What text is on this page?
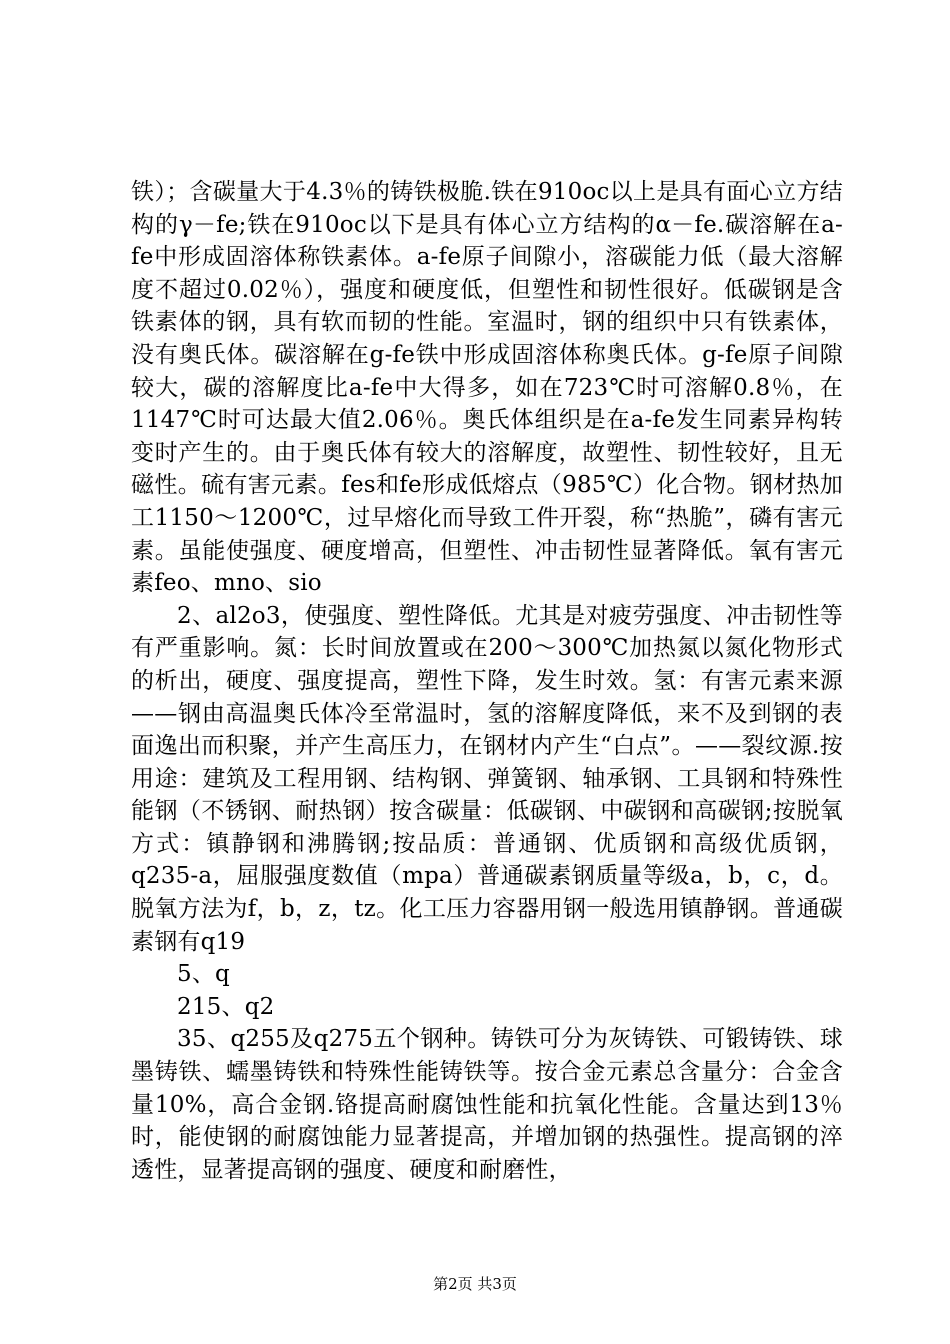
铁）；含碳量大于4.3％的铸铁极脆.铁在910oc以上是具有面心立方结构的γ－fe;铁在910oc以下是具有体心立方结构的α－fe.碳溶解在a-fe中形成固溶体称铁素体。a-fe原子间隙小，溶碳能力低（最大溶解度不超过0.02％），强度和硬度低，但塑性和韧性很好。低碳钢是含铁素体的钢，具有软而韧的性能。室温时，钢的组织中只有铁素体，没有奥氏体。碳溶解在g-fe铁中形成固溶体称奥氏体。g-fe原子间隙较大，碳的溶解度比a-fe中大得多，如在723℃时可溶解0.8％，在1147℃时可达最大值2.06％。奥氏体组织是在a-fe发生同素异构转变时产生的。由于奥氏体有较大的溶解度，故塑性、韧性较好，且无磁性。硫有害元素。fes和fe形成低熔点（985℃）化合物。钢材热加工1150～1200℃，过早熔化而导致工件开裂，称“热脆”，磷有害元素。虽能使强度、硬度增高，但塑性、冲击韧性显著降低。氧有害元素feo、mno、sio

2、al2o3，使强度、塑性降低。尤其是对疲劳强度、冲击韧性等有严重影响。氮：长时间放置或在200～300℃加热氮以氮化物形式的析出，硬度、强度提高，塑性下降，发生时效。氢：有害元素来源——钢由高温奥氏体冷至常温时，氢的溶解度降低，来不及到钢的表面逸出而积聚，并产生高压力，在钢材内产生“白点”。——裂纹源.按用途：建筑及工程用钢、结构钢、弹簧钢、轴承钢、工具钢和特殊性能钢（不锈钢、耐热钢）按含碳量：低碳钢、中碳钢和高碳钢;按脱氧方式：镇静钢和沸腾钢;按品质：普通钢、优质钢和高级优质钢，q235-a，屈服强度数值（mpa）普通碳素钢质量等级a，b，c，d。脱氧方法为f，b，z，tz。化工压力容器用钢一般选用镇静钢。普通碳素钢有q19

5、q

215、q2

35、q255及q275五个钢种。铸铁可分为灰铸铁、可锻铸铁、球墨铸铁、蠕墨铸铁和特殊性能铸铁等。按合金元素总含量分：合金含量10%，高合金钢.铬提高耐腐蚀性能和抗氧化性能。含量达到13％时，能使钢的耐腐蚀能力显著提高，并增加钢的热强性。提高钢的淬透性，显著提高钢的强度、硬度和耐磨性，

第2页 共3页
